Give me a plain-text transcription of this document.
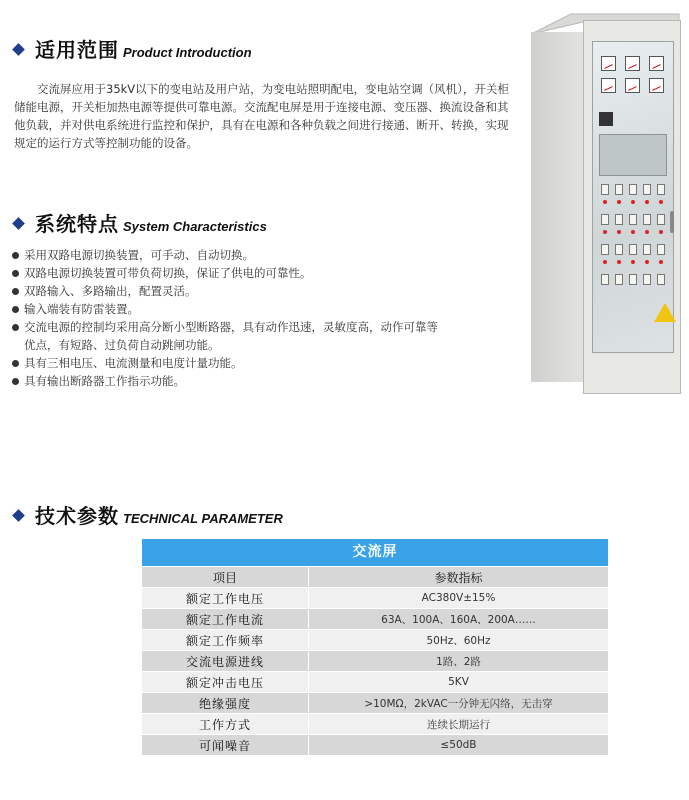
适用范围 Product Introduction

　　交流屏应用于35kV以下的变电站及用户站，为变电站照明配电，变电站空调（风机），开关柜储能电源，开关柜加热电源等提供可靠电源。交流配电屏是用于连接电源、变压器、换流设备和其他负载，并对供电系统进行监控和保护，具有在电源和各种负载之间进行接通、断开、转换，实现规定的运行方式等控制功能的设备。

系统特点 System Characteristics
采用双路电源切换装置，可手动、自动切换。
双路电源切换装置可带负荷切换，保证了供电的可靠性。
双路输入、多路输出，配置灵活。
输入端装有防雷装置。
交流电源的控制均采用高分断小型断路器，具有动作迅速，灵敏度高，动作可靠等优点，有短路、过负荷自动跳闸功能。
具有三相电压、电流测量和电度计量功能。
具有输出断路器工作指示功能。
技术参数 TECHNICAL PARAMETER
交流屏
项目	参数指标
额定工作电压	AC380V±15%
额定工作电流	63A、100A、160A、200A……
额定工作频率	50Hz、60Hz
交流电源进线	1路、2路
额定冲击电压	5KV
绝缘强度	>10MΩ，2kVAC一分钟无闪络，无击穿
工作方式	连续长期运行
可闻噪音	≤50dB
